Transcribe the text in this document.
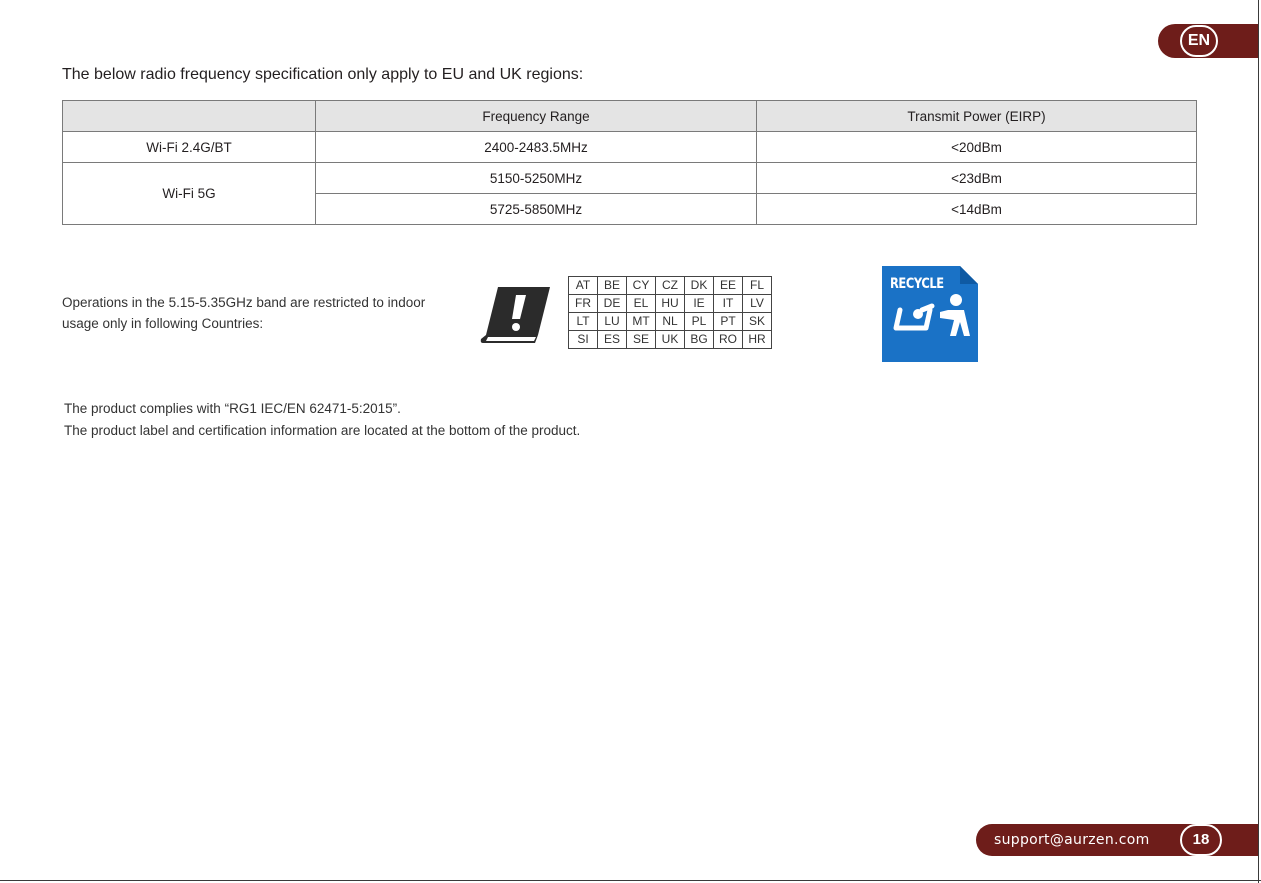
EN
The below radio frequency specification only apply to EU and UK regions:
	Frequency Range	Transmit Power (EIRP)
Wi-Fi 2.4G/BT	2400-2483.5MHz	<20dBm
Wi-Fi 5G	5150-5250MHz	<23dBm
	5725-5850MHz	<14dBm
Operations in the 5.15-5.35GHz band are restricted to indoor
usage only in following Countries:
AT	BE	CY	CZ	DK	EE	FL
FR	DE	EL	HU	IE	IT	LV
LT	LU	MT	NL	PL	PT	SK
SI	ES	SE	UK	BG	RO	HR
RECYCLE
The product complies with “RG1 IEC/EN 62471-5:2015”.
The product label and certification information are located at the bottom of the product.
support@aurzen.com	18
